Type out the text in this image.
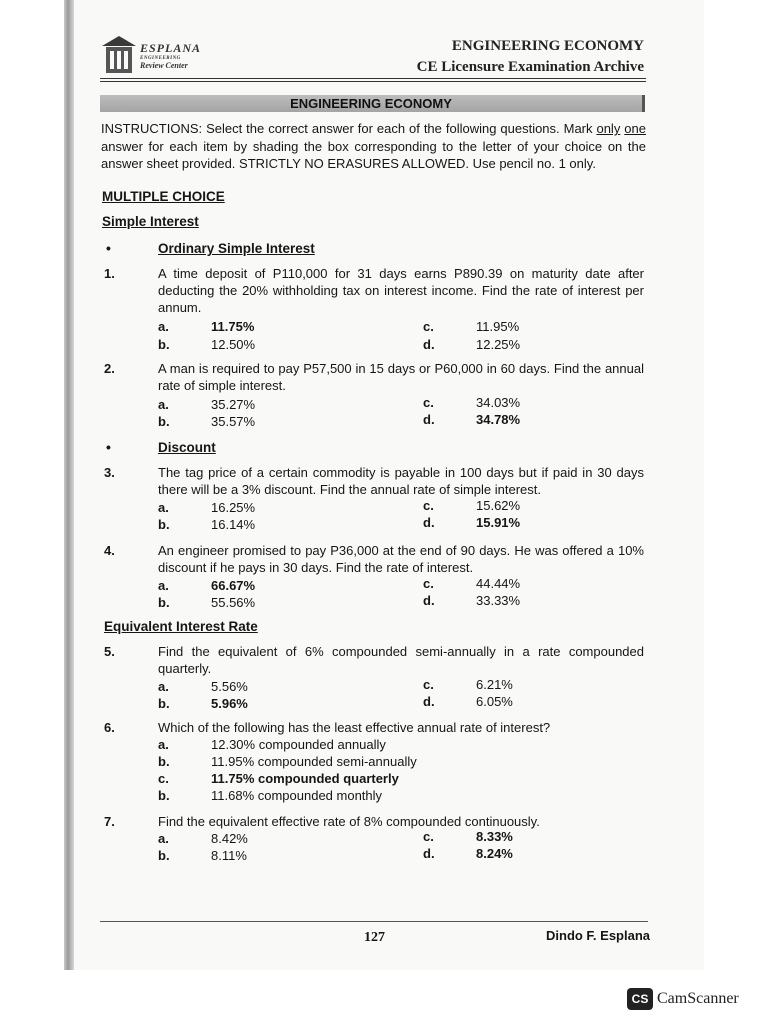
ESPLANA
ENGINEERING
Review Center
ENGINEERING ECONOMY
CE Licensure Examination Archive
ENGINEERING ECONOMY
INSTRUCTIONS: Select the correct answer for each of the following questions. Mark only one answer for each item by shading the box corresponding to the letter of your choice on the answer sheet provided. STRICTLY NO ERASURES ALLOWED. Use pencil no. 1 only.
MULTIPLE CHOICE
Simple Interest
•	Ordinary Simple Interest
1.	A time deposit of P110,000 for 31 days earns P890.39 on maturity date after deducting the 20% withholding tax on interest income. Find the rate of interest per annum.
a.	11.75%
b.	12.50%
c.	11.95%
d.	12.25%
2.	A man is required to pay P57,500 in 15 days or P60,000 in 60 days. Find the annual rate of simple interest.
a.	35.27%
b.	35.57%
c.	34.03%
d.	34.78%
•	Discount
3.	The tag price of a certain commodity is payable in 100 days but if paid in 30 days there will be a 3% discount. Find the annual rate of simple interest.
a.	16.25%
b.	16.14%
c.	15.62%
d.	15.91%
4.	An engineer promised to pay P36,000 at the end of 90 days. He was offered a 10% discount if he pays in 30 days. Find the rate of interest.
a.	66.67%
b.	55.56%
c.	44.44%
d.	33.33%
Equivalent Interest Rate
5.	Find the equivalent of 6% compounded semi-annually in a rate compounded quarterly.
a.	5.56%
b.	5.96%
c.	6.21%
d.	6.05%
6.	Which of the following has the least effective annual rate of interest?
a.	12.30% compounded annually
b.	11.95% compounded semi-annually
c.	11.75% compounded quarterly
b.	11.68% compounded monthly
7.	Find the equivalent effective rate of 8% compounded continuously.
a.	8.42%
b.	8.11%
c.	8.33%
d.	8.24%
127	Dindo F. Esplana
CS CamScanner
